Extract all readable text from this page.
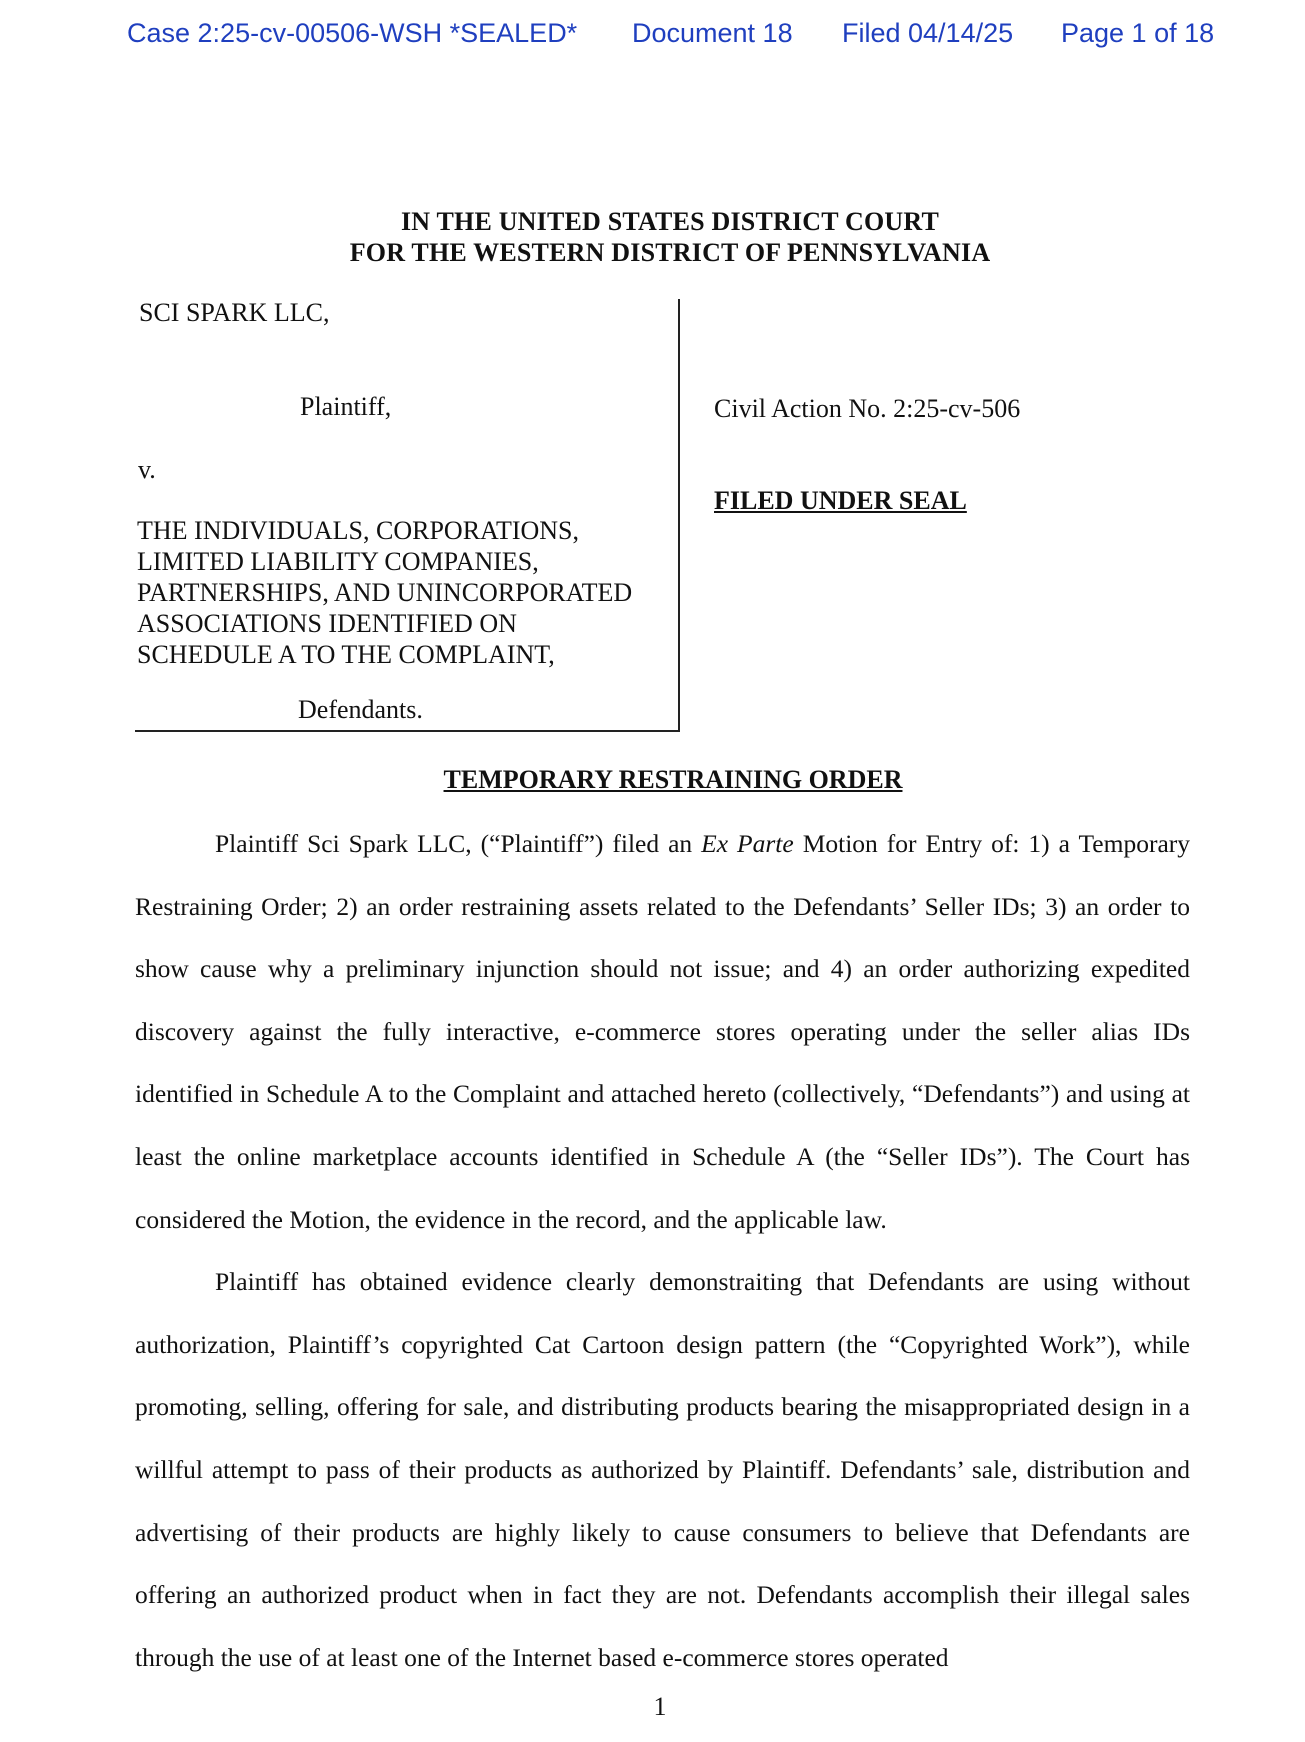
Case 2:25-cv-00506-WSH *SEALED* Document 18 Filed 04/14/25 Page 1 of 18
IN THE UNITED STATES DISTRICT COURT
FOR THE WESTERN DISTRICT OF PENNSYLVANIA
SCI SPARK LLC,
Plaintiff,
v.
THE INDIVIDUALS, CORPORATIONS,
LIMITED LIABILITY COMPANIES,
PARTNERSHIPS, AND UNINCORPORATED
ASSOCIATIONS IDENTIFIED ON
SCHEDULE A TO THE COMPLAINT,
Defendants.
Civil Action No. 2:25-cv-506
FILED UNDER SEAL
TEMPORARY RESTRAINING ORDER

Plaintiff Sci Spark LLC, (“Plaintiff”) filed an Ex Parte Motion for Entry of: 1) a Temporary Restraining Order; 2) an order restraining assets related to the Defendants’ Seller IDs; 3) an order to show cause why a preliminary injunction should not issue; and 4) an order authorizing expedited discovery against the fully interactive, e-commerce stores operating under the seller alias IDs identified in Schedule A to the Complaint and attached hereto (collectively, “Defendants”) and using at least the online marketplace accounts identified in Schedule A (the “Seller IDs”). The Court has considered the Motion, the evidence in the record, and the applicable law.

Plaintiff has obtained evidence clearly demonstraiting that Defendants are using without authorization, Plaintiff’s copyrighted Cat Cartoon design pattern (the “Copyrighted Work”), while promoting, selling, offering for sale, and distributing products bearing the misappropriated design in a willful attempt to pass of their products as authorized by Plaintiff. Defendants’ sale, distribution and advertising of their products are highly likely to cause consumers to believe that Defendants are offering an authorized product when in fact they are not. Defendants accomplish their illegal sales through the use of at least one of the Internet based e-commerce stores operated

1
